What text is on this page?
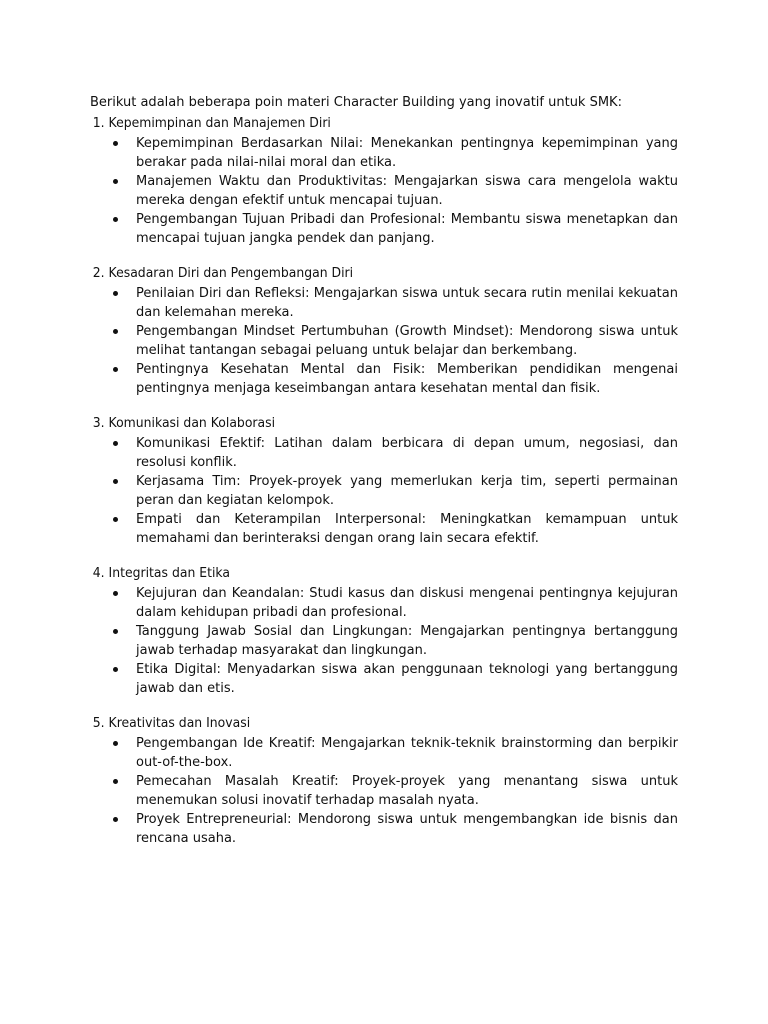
Berikut adalah beberapa poin materi Character Building yang inovatif untuk SMK:

1. Kepemimpinan dan Manajemen Diri
Kepemimpinan Berdasarkan Nilai: Menekankan pentingnya kepemimpinan yang berakar pada nilai-nilai moral dan etika.
Manajemen Waktu dan Produktivitas: Mengajarkan siswa cara mengelola waktu mereka dengan efektif untuk mencapai tujuan.
Pengembangan Tujuan Pribadi dan Profesional: Membantu siswa menetapkan dan mencapai tujuan jangka pendek dan panjang.
2. Kesadaran Diri dan Pengembangan Diri
Penilaian Diri dan Refleksi: Mengajarkan siswa untuk secara rutin menilai kekuatan dan kelemahan mereka.
Pengembangan Mindset Pertumbuhan (Growth Mindset): Mendorong siswa untuk melihat tantangan sebagai peluang untuk belajar dan berkembang.
Pentingnya Kesehatan Mental dan Fisik: Memberikan pendidikan mengenai pentingnya menjaga keseimbangan antara kesehatan mental dan fisik.
3. Komunikasi dan Kolaborasi
Komunikasi Efektif: Latihan dalam berbicara di depan umum, negosiasi, dan resolusi konflik.
Kerjasama Tim: Proyek-proyek yang memerlukan kerja tim, seperti permainan peran dan kegiatan kelompok.
Empati dan Keterampilan Interpersonal: Meningkatkan kemampuan untuk memahami dan berinteraksi dengan orang lain secara efektif.
4. Integritas dan Etika
Kejujuran dan Keandalan: Studi kasus dan diskusi mengenai pentingnya kejujuran dalam kehidupan pribadi dan profesional.
Tanggung Jawab Sosial dan Lingkungan: Mengajarkan pentingnya bertanggung jawab terhadap masyarakat dan lingkungan.
Etika Digital: Menyadarkan siswa akan penggunaan teknologi yang bertanggung jawab dan etis.
5. Kreativitas dan Inovasi
Pengembangan Ide Kreatif: Mengajarkan teknik-teknik brainstorming dan berpikir out-of-the-box.
Pemecahan Masalah Kreatif: Proyek-proyek yang menantang siswa untuk menemukan solusi inovatif terhadap masalah nyata.
Proyek Entrepreneurial: Mendorong siswa untuk mengembangkan ide bisnis dan rencana usaha.
